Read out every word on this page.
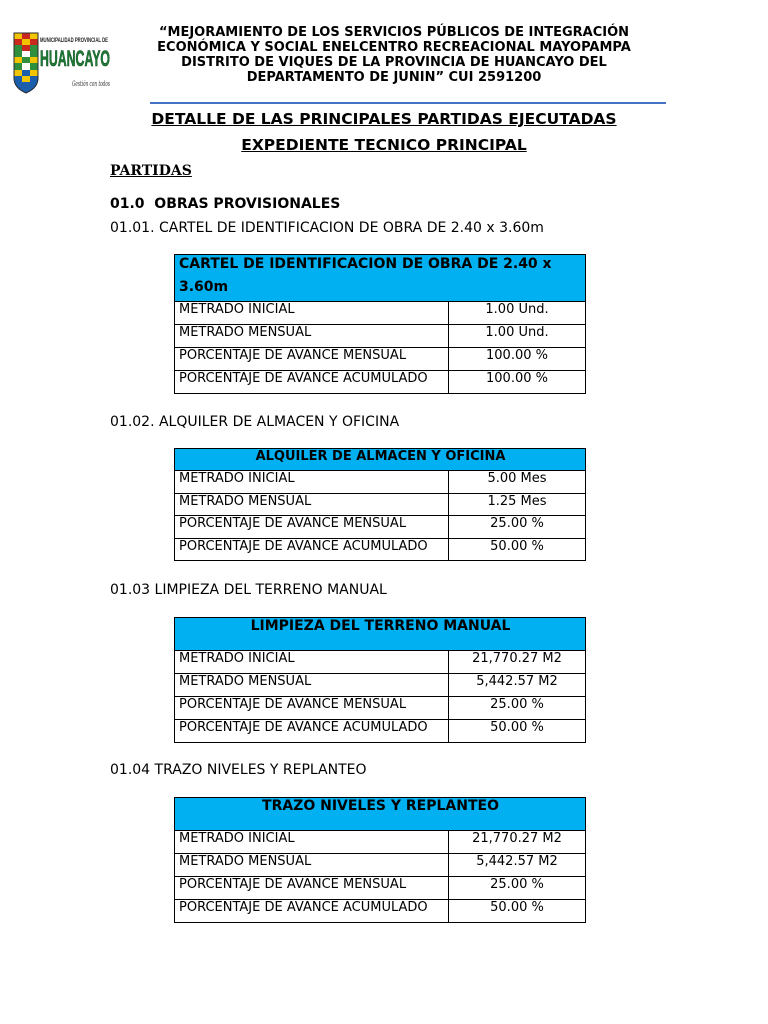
MUNICIPALIDAD PROVINCIAL DE
HUANCAYO
Gestión con todos
“MEJORAMIENTO DE LOS SERVICIOS PÚBLICOS DE INTEGRACIÓN
ECONÓMICA Y SOCIAL ENELCENTRO RECREACIONAL MAYOPAMPA
DISTRITO DE VIQUES DE LA PROVINCIA DE HUANCAYO DEL
DEPARTAMENTO DE JUNIN” CUI 2591200
DETALLE DE LAS PRINCIPALES PARTIDAS EJECUTADAS
EXPEDIENTE TECNICO PRINCIPAL
PARTIDAS
01.0  OBRAS PROVISIONALES
01.01. CARTEL DE IDENTIFICACION DE OBRA DE 2.40 x 3.60m
CARTEL DE IDENTIFICACION DE OBRA DE 2.40 x 3.60m	

METRADO INICIAL	1.00 Und.
METRADO MENSUAL	1.00 Und.
PORCENTAJE DE AVANCE MENSUAL	100.00 %
PORCENTAJE DE AVANCE ACUMULADO	100.00 %
01.02. ALQUILER DE ALMACEN Y OFICINA
ALQUILER DE ALMACEN Y OFICINA	
METRADO INICIAL	5.00 Mes
METRADO MENSUAL	1.25 Mes
PORCENTAJE DE AVANCE MENSUAL	25.00 %
PORCENTAJE DE AVANCE ACUMULADO	50.00 %
01.03 LIMPIEZA DEL TERRENO MANUAL
LIMPIEZA DEL TERRENO MANUAL	
METRADO INICIAL	21,770.27 M2
METRADO MENSUAL	5,442.57 M2
PORCENTAJE DE AVANCE MENSUAL	25.00 %
PORCENTAJE DE AVANCE ACUMULADO	50.00 %
01.04 TRAZO NIVELES Y REPLANTEO
TRAZO NIVELES Y REPLANTEO	
METRADO INICIAL	21,770.27 M2
METRADO MENSUAL	5,442.57 M2
PORCENTAJE DE AVANCE MENSUAL	25.00 %
PORCENTAJE DE AVANCE ACUMULADO	50.00 %
